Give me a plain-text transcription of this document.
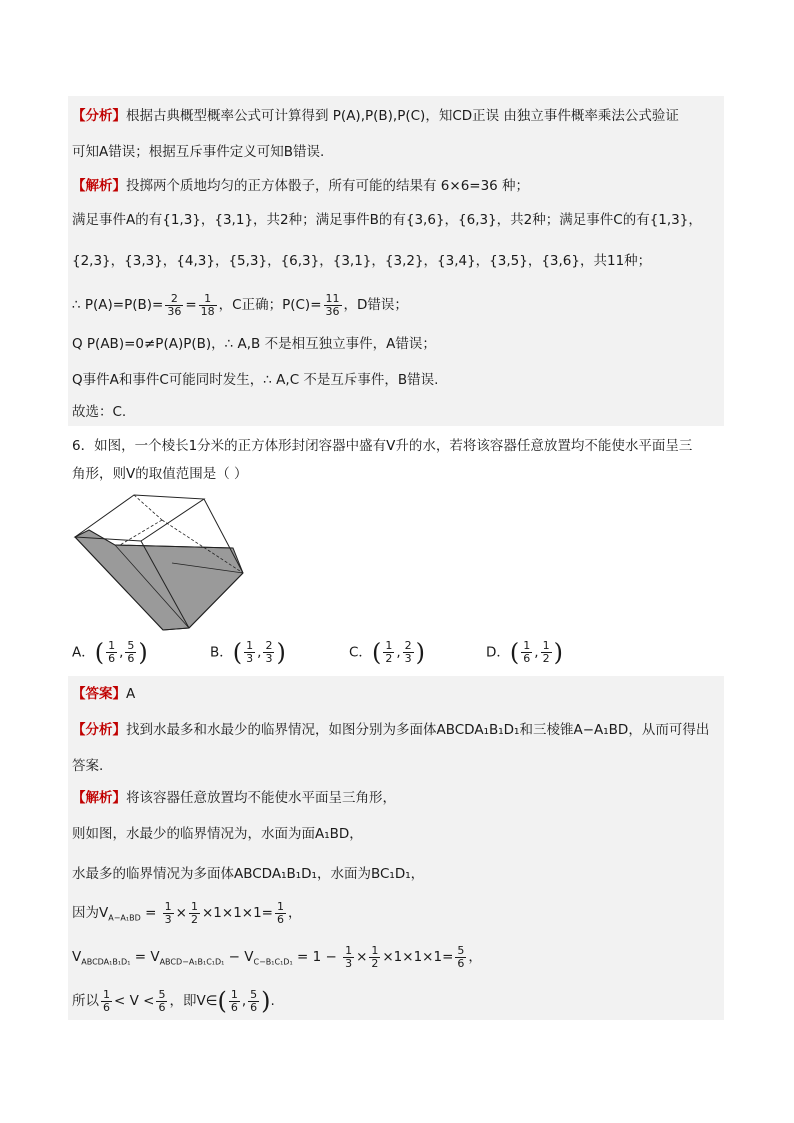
【分析】根据古典概型概率公式可计算得到 P(A),P(B),P(C)，知CD正误 由独立事件概率乘法公式验证
可知A错误；根据互斥事件定义可知B错误.
【解析】投掷两个质地均匀的正方体骰子，所有可能的结果有 6×6=36 种；
满足事件A的有{1,3}，{3,1}，共2种；满足事件B的有{3,6}，{6,3}，共2种；满足事件C的有{1,3}，
{2,3}，{3,3}，{4,3}，{5,3}，{6,3}，{3,1}，{3,2}，{3,4}，{3,5}，{3,6}，共11种；
∴ $P(A)=P(B)= \frac{2}{36} = \frac{1}{18}$ ，C正确；$P(C)= \frac{11}{36}$ ，D错误；
Q P(AB)=0≠P(A)P(B)，∴ A,B 不是相互独立事件，A错误；
Q事件A和事件C可能同时发生，∴ A,C 不是互斥事件，B错误.
故选：C.
6．如图，一个棱长1分米的正方体形封闭容器中盛有V升的水，若将该容器任意放置均不能使水平面呈三
角形，则V的取值范围是（ ）
A．( $\frac{1}{6}$ , $\frac{5}{6}$ )	B．( $\frac{1}{3}$ , $\frac{2}{3}$ )	C．( $\frac{1}{2}$ , $\frac{2}{3}$ )	D．( $\frac{1}{6}$ , $\frac{1}{2}$ )
【答案】A
【分析】找到水最多和水最少的临界情况，如图分别为多面体ABCDA₁B₁D₁和三棱锥A−A₁BD，从而可得出
答案.
【解析】将该容器任意放置均不能使水平面呈三角形，
则如图，水最少的临界情况为，水面为面A₁BD，
水最多的临界情况为多面体ABCDA₁B₁D₁，水面为BC₁D₁，
因为$V_{A-A_1BD} = \frac{1}{3} \times \frac{1}{2} \times 1\times 1\times 1= \frac{1}{6}$ ，
$V_{ABCDA_1B_1D_1} = V_{ABCD-A_1B_1C_1D_1} - V_{C-B_1C_1D_1} = 1 - \frac{1}{3} \times \frac{1}{2} \times 1\times 1\times 1= \frac{5}{6}$ ，
所以 $\frac{1}{6} < V < \frac{5}{6}$ ，即V∈( $\frac{1}{6}$ , $\frac{5}{6}$ ).
